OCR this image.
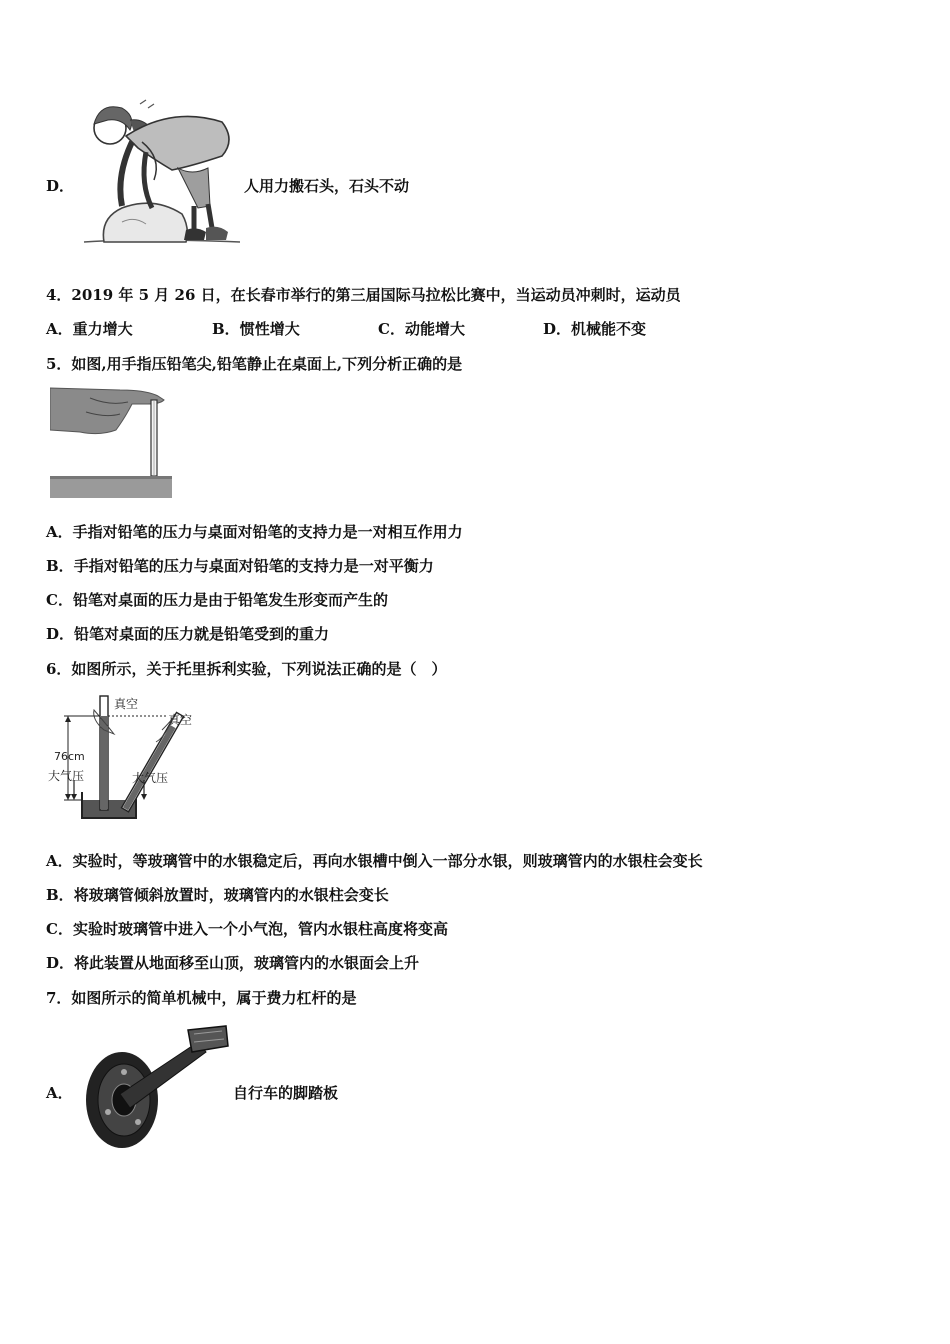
D．	人用力搬石头，石头不动
4．2019 年 5 月 26 日，在长春市举行的第三届国际马拉松比赛中，当运动员冲刺时，运动员
A．重力增大	B．惯性增大	C．动能增大	D．机械能不变
5．如图,用手指压铅笔尖,铅笔静止在桌面上,下列分析正确的是
A．手指对铅笔的压力与桌面对铅笔的支持力是一对相互作用力
B．手指对铅笔的压力与桌面对铅笔的支持力是一对平衡力
C．铅笔对桌面的压力是由于铅笔发生形变而产生的
D．铅笔对桌面的压力就是铅笔受到的重力
6．如图所示，关于托里拆利实验，下列说法正确的是（　）
真空
真空
76cm
大气压	大气压
A．实验时，等玻璃管中的水银稳定后，再向水银槽中倒入一部分水银，则玻璃管内的水银柱会变长
B．将玻璃管倾斜放置时，玻璃管内的水银柱会变长
C．实验时玻璃管中进入一个小气泡，管内水银柱高度将变高
D．将此装置从地面移至山顶，玻璃管内的水银面会上升
7．如图所示的简单机械中，属于费力杠杆的是
A．	自行车的脚踏板
